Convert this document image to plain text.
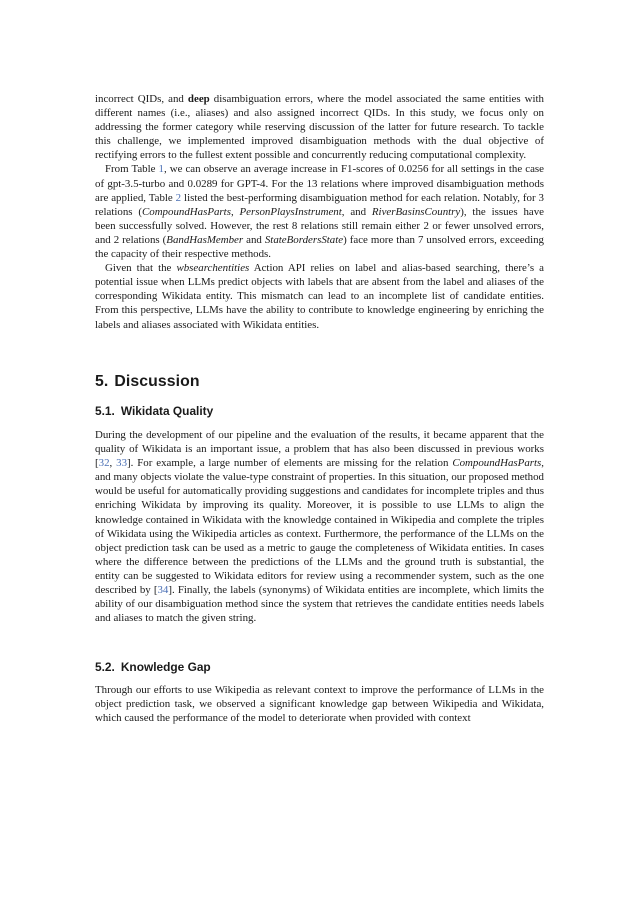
incorrect QIDs, and deep disambiguation errors, where the model associated the same entities with different names (i.e., aliases) and also assigned incorrect QIDs. In this study, we focus only on addressing the former category while reserving discussion of the latter for future research. To tackle this challenge, we implemented improved disambiguation methods with the dual objective of rectifying errors to the fullest extent possible and concurrently reducing computational complexity.

From Table 1, we can observe an average increase in F1-scores of 0.0256 for all settings in the case of gpt-3.5-turbo and 0.0289 for GPT-4. For the 13 relations where improved disambiguation methods are applied, Table 2 listed the best-performing disambiguation method for each relation. Notably, for 3 relations (CompoundHasParts, PersonPlaysInstrument, and RiverBasinsCountry), the issues have been successfully solved. However, the rest 8 relations still remain either 2 or fewer unsolved errors, and 2 relations (BandHasMember and StateBordersState) face more than 7 unsolved errors, exceeding the capacity of their respective methods.

Given that the wbsearchentities Action API relies on label and alias-based searching, there’s a potential issue when LLMs predict objects with labels that are absent from the label and aliases of the corresponding Wikidata entity. This mismatch can lead to an incomplete list of candidate entities. From this perspective, LLMs have the ability to contribute to knowledge engineering by enriching the labels and aliases associated with Wikidata entities.

5. Discussion
5.1. Wikidata Quality

During the development of our pipeline and the evaluation of the results, it became apparent that the quality of Wikidata is an important issue, a problem that has also been discussed in previous works [32, 33]. For example, a large number of elements are missing for the relation CompoundHasParts, and many objects violate the value-type constraint of properties. In this situation, our proposed method would be useful for automatically providing suggestions and candidates for incomplete triples and thus enriching Wikidata by improving its quality. Moreover, it is possible to use LLMs to align the knowledge contained in Wikidata with the knowledge contained in Wikipedia and complete the triples of Wikidata using the Wikipedia articles as context. Furthermore, the performance of the LLMs on the object prediction task can be used as a metric to gauge the completeness of Wikidata entities. In cases where the difference between the predictions of the LLMs and the ground truth is substantial, the entity can be suggested to Wikidata editors for review using a recommender system, such as the one described by [34]. Finally, the labels (synonyms) of Wikidata entities are incomplete, which limits the ability of our disambiguation method since the system that retrieves the candidate entities needs labels and aliases to match the given string.

5.2. Knowledge Gap

Through our efforts to use Wikipedia as relevant context to improve the performance of LLMs in the object prediction task, we observed a significant knowledge gap between Wikipedia and Wikidata, which caused the performance of the model to deteriorate when provided with context
